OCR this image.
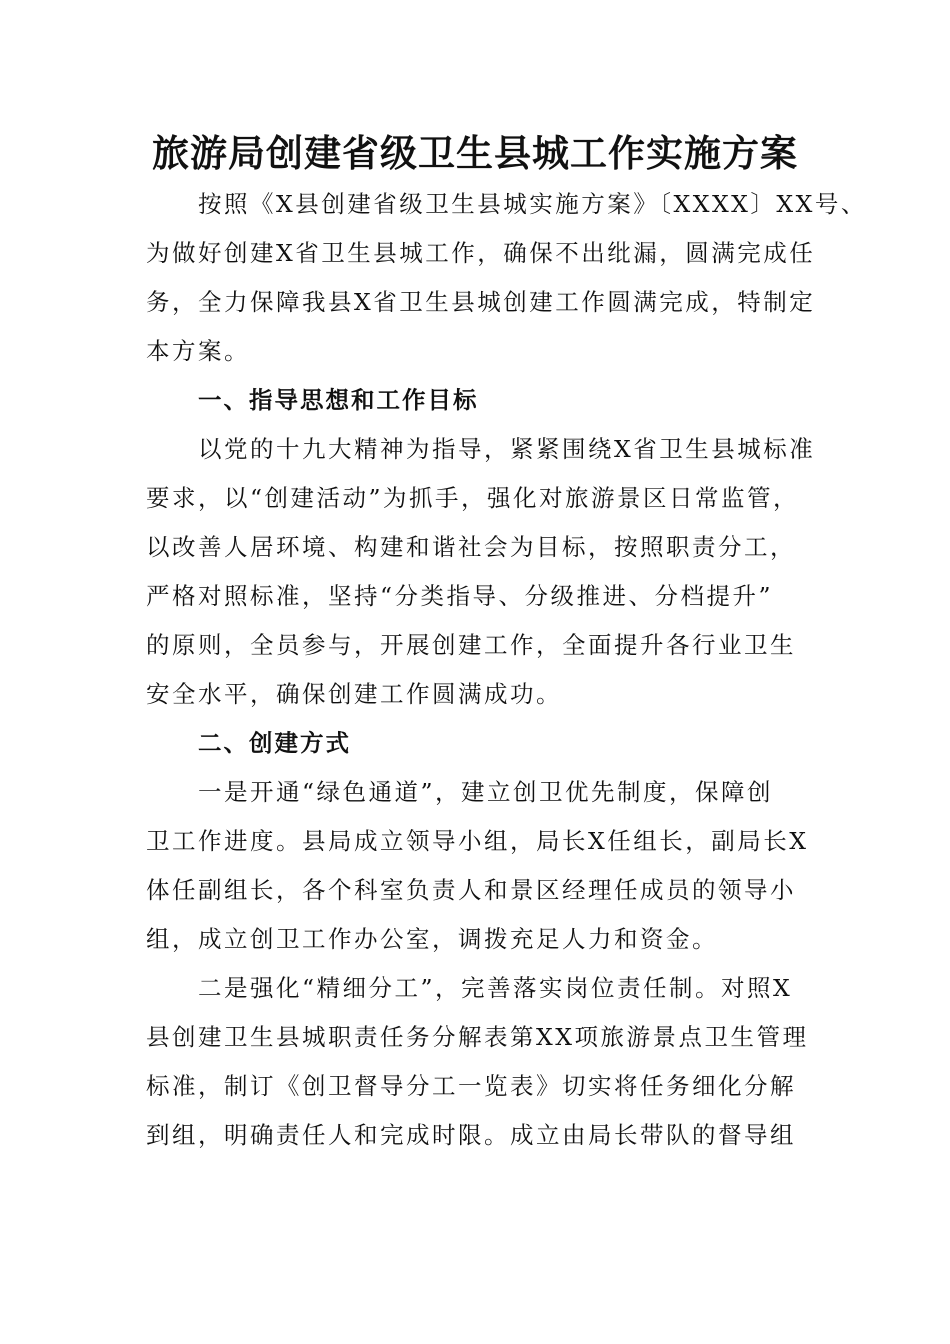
旅游局创建省级卫生县城工作实施方案
按照《X县创建省级卫生县城实施方案》〔XXXX〕XX号、
为做好创建X省卫生县城工作，确保不出纰漏，圆满完成任
务，全力保障我县X省卫生县城创建工作圆满完成，特制定
本方案。
一、指导思想和工作目标
以党的十九大精神为指导，紧紧围绕X省卫生县城标准
要求，以“创建活动”为抓手，强化对旅游景区日常监管，
以改善人居环境、构建和谐社会为目标，按照职责分工，
严格对照标准，坚持“分类指导、分级推进、分档提升”
的原则，全员参与，开展创建工作，全面提升各行业卫生
安全水平，确保创建工作圆满成功。
二、创建方式
一是开通“绿色通道”，建立创卫优先制度，保障创
卫工作进度。县局成立领导小组，局长X任组长，副局长X
体任副组长，各个科室负责人和景区经理任成员的领导小
组，成立创卫工作办公室，调拨充足人力和资金。
二是强化“精细分工”，完善落实岗位责任制。对照X
县创建卫生县城职责任务分解表第XX项旅游景点卫生管理
标准，制订《创卫督导分工一览表》切实将任务细化分解
到组，明确责任人和完成时限。成立由局长带队的督导组
